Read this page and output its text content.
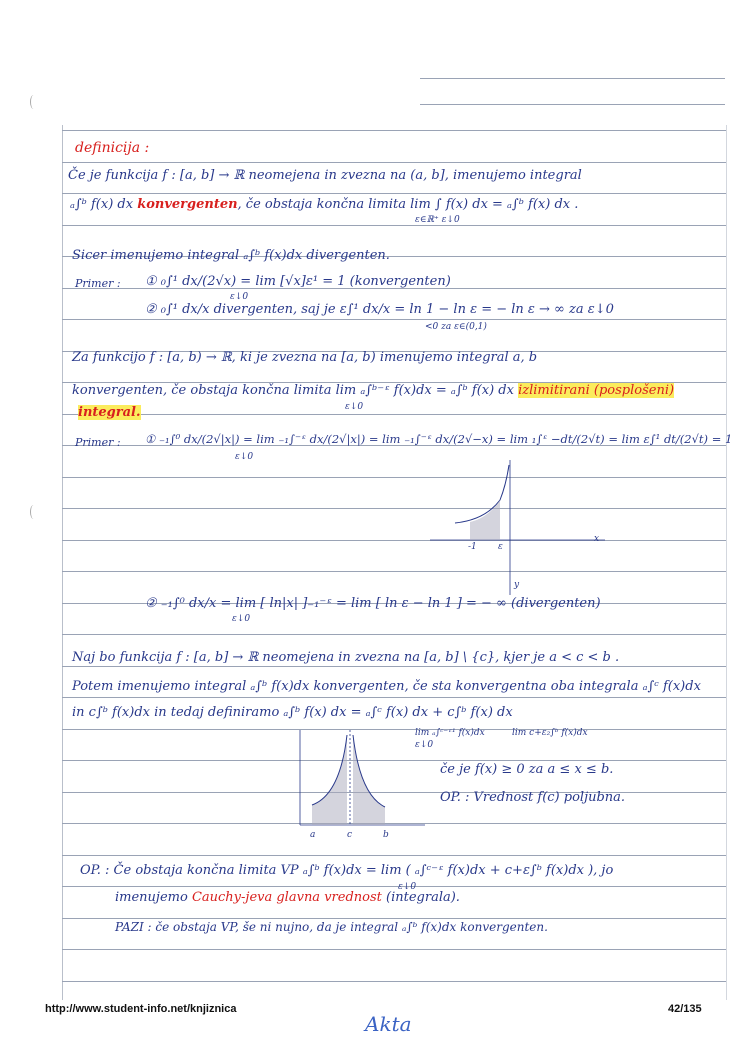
definicija :
Če je funkcija f : [a, b] → ℝ neomejena in zvezna na (a, b], imenujemo integral
ₐ∫ᵇ f(x) dx konvergenten, če obstaja končna limita lim ∫ f(x) dx = ₐ∫ᵇ f(x) dx .
ε∈ℝ⁺ ε↓0
Sicer imenujemo integral ₐ∫ᵇ f(x)dx divergenten.
Primer : ① ₀∫¹ dx/(2√x) = lim [√x]ε¹ = 1 (konvergenten)
ε↓0
② ₀∫¹ dx/x divergenten, saj je ε∫¹ dx/x = ln 1 − ln ε = − ln ε → ∞ za ε↓0
<0 za ε∈(0,1)
Za funkcijo f : [a, b) → ℝ, ki je zvezna na [a, b) imenujemo integral a, b
konvergenten, če obstaja končna limita lim ₐ∫ᵇ⁻ᵋ f(x)dx = ₐ∫ᵇ f(x) dx izlimitirani (posplošeni)
ε↓0
integral.
Primer : ① ₋₁∫⁰ dx/(2√|x|) = lim ₋₁∫⁻ᵋ dx/(2√|x|) = lim ₋₁∫⁻ᵋ dx/(2√−x) = lim ₁∫ᵋ −dt/(2√t) = lim ε∫¹ dt/(2√t) = 1
ε↓0
-1 ε
x
y
② ₋₁∫⁰ dx/x = lim [ ln|x| ]₋₁⁻ᵋ = lim [ ln ε − ln 1 ] = − ∞ (divergenten)
ε↓0
Naj bo funkcija f : [a, b] → ℝ neomejena in zvezna na [a, b] \ {c}, kjer je a < c < b .
Potem imenujemo integral ₐ∫ᵇ f(x)dx konvergenten, če sta konvergentna oba integrala ₐ∫ᶜ f(x)dx
in c∫ᵇ f(x)dx in tedaj definiramo ₐ∫ᵇ f(x) dx = ₐ∫ᶜ f(x) dx + c∫ᵇ f(x) dx
lim ₐ∫ᶜ⁻ᵋ¹ f(x)dx	lim c+ε₂∫ᵇ f(x)dx
ε↓0
a	c	b
če je f(x) ≥ 0 za a ≤ x ≤ b.
OP. : Vrednost f(c) poljubna.
OP. : Če obstaja končna limita VP ₐ∫ᵇ f(x)dx = lim ( ₐ∫ᶜ⁻ᵋ f(x)dx + c+ε∫ᵇ f(x)dx ), jo
ε↓0
imenujemo Cauchy-jeva glavna vrednost (integrala).
PAZI : če obstaja VP, še ni nujno, da je integral ₐ∫ᵇ f(x)dx konvergenten.
http://www.student-info.net/knjiznica	42/135
Akta
